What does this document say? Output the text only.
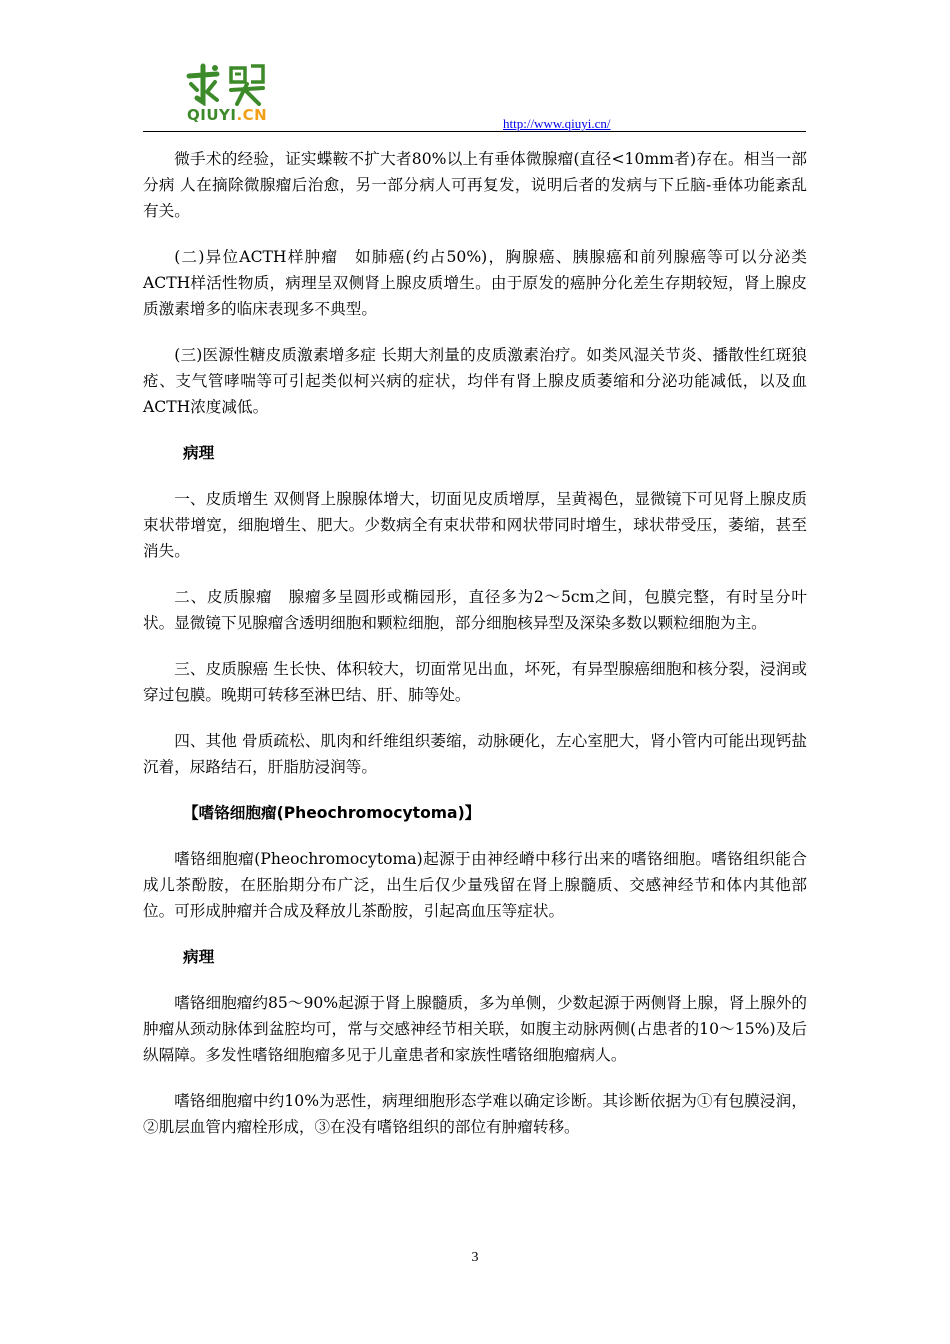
QIUYI.CN	http://www.qiuyi.cn/

微手术的经验，证实蝶鞍不扩大者80%以上有垂体微腺瘤(直径<10mm者)存在。相当一部分病 人在摘除微腺瘤后治愈，另一部分病人可再复发，说明后者的发病与下丘脑-垂体功能紊乱有关。

(二)异位ACTH样肿瘤　如肺癌(约占50%)，胸腺癌、胰腺癌和前列腺癌等可以分泌类ACTH样活性物质，病理呈双侧肾上腺皮质增生。由于原发的癌肿分化差生存期较短，肾上腺皮质激素增多的临床表现多不典型。

(三)医源性糖皮质激素增多症 长期大剂量的皮质激素治疗。如类风湿关节炎、播散性红斑狼疮、支气管哮喘等可引起类似柯兴病的症状，均伴有肾上腺皮质萎缩和分泌功能减低，以及血ACTH浓度减低。

病理

一、皮质增生 双侧肾上腺腺体增大，切面见皮质增厚，呈黄褐色，显微镜下可见肾上腺皮质束状带增宽，细胞增生、肥大。少数病全有束状带和网状带同时增生，球状带受压，萎缩，甚至消失。

二、皮质腺瘤　腺瘤多呈圆形或椭园形，直径多为2～5cm之间，包膜完整，有时呈分叶状。显微镜下见腺瘤含透明细胞和颗粒细胞，部分细胞核异型及深染多数以颗粒细胞为主。

三、皮质腺癌 生长快、体积较大，切面常见出血，坏死，有异型腺癌细胞和核分裂，浸润或穿过包膜。晚期可转移至淋巴结、肝、肺等处。

四、其他 骨质疏松、肌肉和纤维组织萎缩，动脉硬化，左心室肥大，肾小管内可能出现钙盐沉着，尿路结石，肝脂肪浸润等。

【嗜铬细胞瘤(Pheochromocytoma)】

嗜铬细胞瘤(Pheochromocytoma)起源于由神经嵴中移行出来的嗜铬细胞。嗜铬组织能合成儿茶酚胺，在胚胎期分布广泛，出生后仅少量残留在肾上腺髓质、交感神经节和体内其他部位。可形成肿瘤并合成及释放儿茶酚胺，引起高血压等症状。

病理

嗜铬细胞瘤约85～90%起源于肾上腺髓质，多为单侧，少数起源于两侧肾上腺，肾上腺外的肿瘤从颈动脉体到盆腔均可，常与交感神经节相关联，如腹主动脉两侧(占患者的10～15%)及后纵隔障。多发性嗜铬细胞瘤多见于儿童患者和家族性嗜铬细胞瘤病人。

嗜铬细胞瘤中约10%为恶性，病理细胞形态学难以确定诊断。其诊断依据为①有包膜浸润，②肌层血管内瘤栓形成，③在没有嗜铬组织的部位有肿瘤转移。

3
